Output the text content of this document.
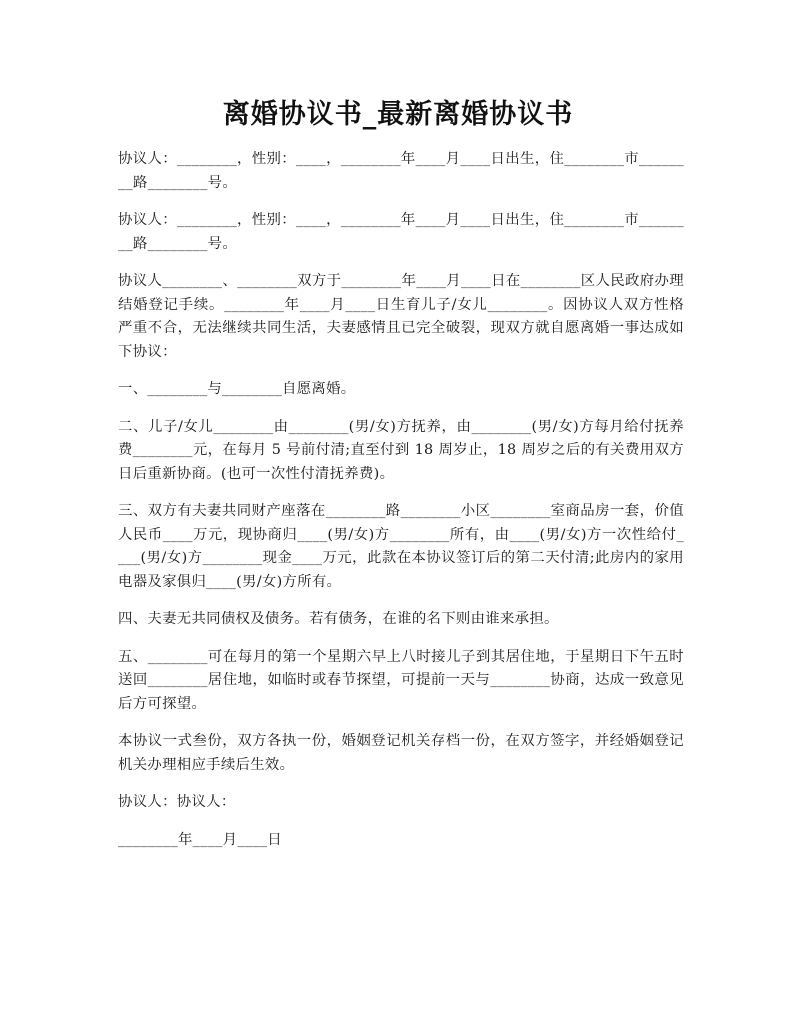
离婚协议书_最新离婚协议书

协议人：________，性别：____，________年____月____日出生，住________市________路________号。

协议人：________，性别：____，________年____月____日出生，住________市________路________号。

协议人________、________双方于________年____月____日在________区人民政府办理结婚登记手续。________年____月____日生育儿子/女儿________。因协议人双方性格严重不合，无法继续共同生活，夫妻感情且已完全破裂，现双方就自愿离婚一事达成如下协议：

一、________与________自愿离婚。

二、儿子/女儿________由________(男/女)方抚养，由________(男/女)方每月给付抚养费________元，在每月 5 号前付清;直至付到 18 周岁止，18 周岁之后的有关费用双方日后重新协商。(也可一次性付清抚养费)。

三、双方有夫妻共同财产座落在________路________小区________室商品房一套，价值人民币____万元，现协商归____(男/女)方________所有，由____(男/女)方一次性给付____(男/女)方________现金____万元，此款在本协议签订后的第二天付清;此房内的家用电器及家俱归____(男/女)方所有。

四、夫妻无共同债权及债务。若有债务，在谁的名下则由谁来承担。

五、________可在每月的第一个星期六早上八时接儿子到其居住地，于星期日下午五时送回________居住地，如临时或春节探望，可提前一天与________协商，达成一致意见后方可探望。

本协议一式叁份，双方各执一份，婚姻登记机关存档一份，在双方签字，并经婚姻登记机关办理相应手续后生效。

协议人：协议人：

________年____月____日
